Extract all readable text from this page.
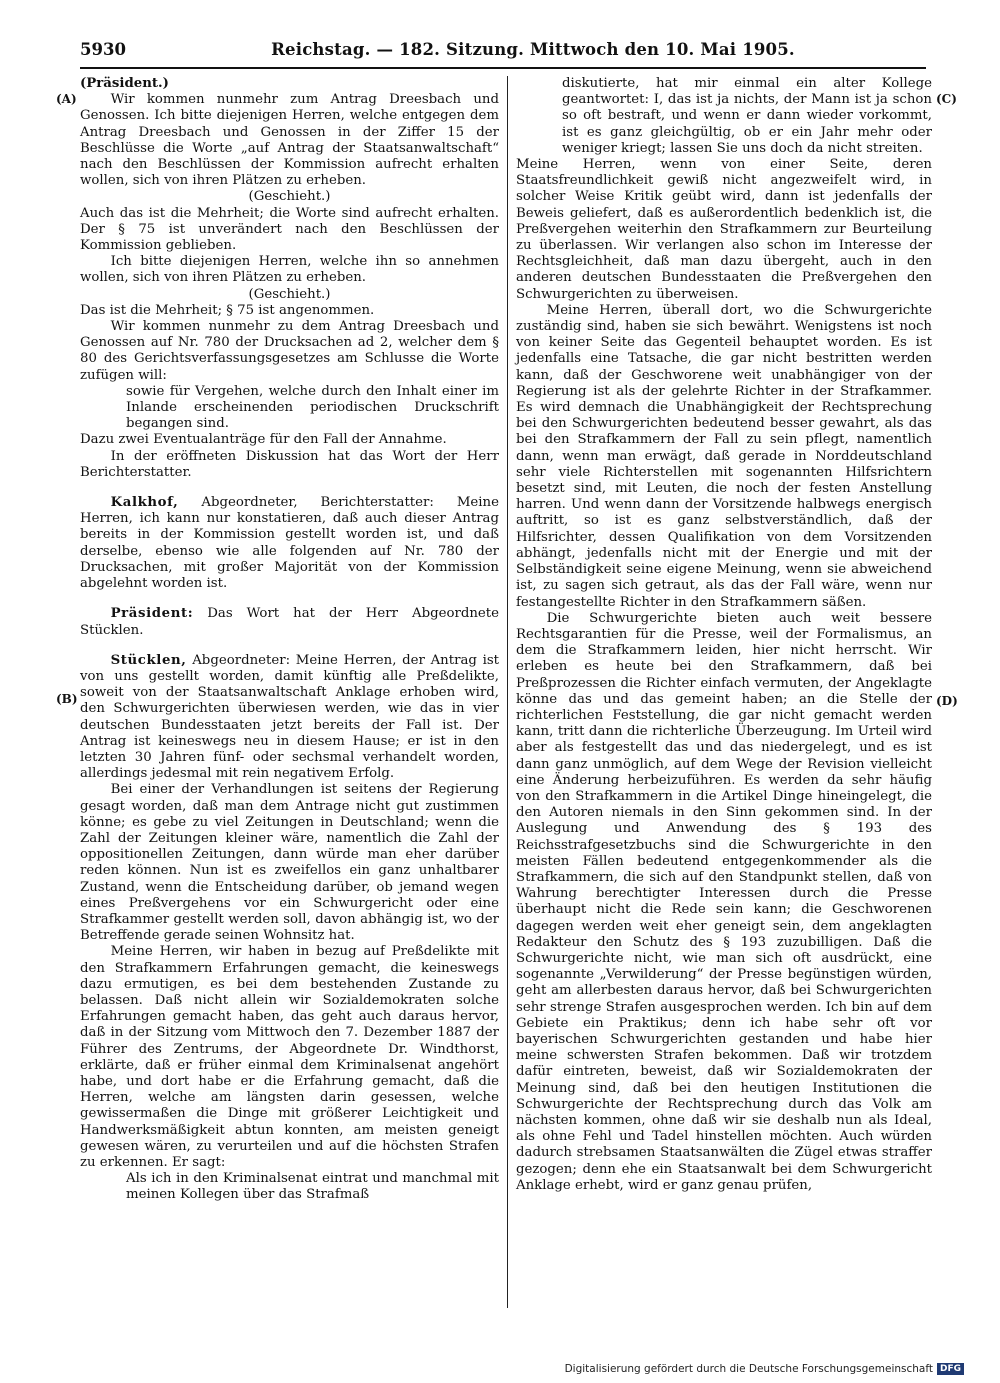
5930	Reichstag. — 182. Sitzung. Mittwoch den 10. Mai 1905.
(A)
(B)
(C)
(D)

(Präsident.)

Wir kommen nunmehr zum Antrag Dreesbach und Genossen. Ich bitte diejenigen Herren, welche entgegen dem Antrag Dreesbach und Genossen in der Ziffer 15 der Beschlüsse die Worte „auf Antrag der Staatsanwaltschaft“ nach den Beschlüssen der Kommission aufrecht erhalten wollen, sich von ihren Plätzen zu erheben.

(Geschieht.)

Auch das ist die Mehrheit; die Worte sind aufrecht erhalten. Der § 75 ist unverändert nach den Beschlüssen der Kommission geblieben.

Ich bitte diejenigen Herren, welche ihn so annehmen wollen, sich von ihren Plätzen zu erheben.

(Geschieht.)

Das ist die Mehrheit; § 75 ist angenommen.

Wir kommen nunmehr zu dem Antrag Dreesbach und Genossen auf Nr. 780 der Drucksachen ad 2, welcher dem § 80 des Gerichtsverfassungsgesetzes am Schlusse die Worte zufügen will:

sowie für Vergehen, welche durch den Inhalt einer im Inlande erscheinenden periodischen Druckschrift begangen sind.

Dazu zwei Eventualanträge für den Fall der Annahme.

In der eröffneten Diskussion hat das Wort der Herr Berichterstatter.

Kalkhof, Abgeordneter, Berichterstatter: Meine Herren, ich kann nur konstatieren, daß auch dieser Antrag bereits in der Kommission gestellt worden ist, und daß derselbe, ebenso wie alle folgenden auf Nr. 780 der Drucksachen, mit großer Majorität von der Kommission abgelehnt worden ist.

Präsident: Das Wort hat der Herr Abgeordnete Stücklen.

Stücklen, Abgeordneter: Meine Herren, der Antrag ist von uns gestellt worden, damit künftig alle Preßdelikte, soweit von der Staatsanwaltschaft Anklage erhoben wird, den Schwurgerichten überwiesen werden, wie das in vier deutschen Bundesstaaten jetzt bereits der Fall ist. Der Antrag ist keineswegs neu in diesem Hause; er ist in den letzten 30 Jahren fünf- oder sechsmal verhandelt worden, allerdings jedesmal mit rein negativem Erfolg.

Bei einer der Verhandlungen ist seitens der Regierung gesagt worden, daß man dem Antrage nicht gut zustimmen könne; es gebe zu viel Zeitungen in Deutschland; wenn die Zahl der Zeitungen kleiner wäre, namentlich die Zahl der oppositionellen Zeitungen, dann würde man eher darüber reden können. Nun ist es zweifellos ein ganz unhaltbarer Zustand, wenn die Entscheidung darüber, ob jemand wegen eines Preßvergehens vor ein Schwurgericht oder eine Strafkammer gestellt werden soll, davon abhängig ist, wo der Betreffende gerade seinen Wohnsitz hat.

Meine Herren, wir haben in bezug auf Preßdelikte mit den Strafkammern Erfahrungen gemacht, die keineswegs dazu ermutigen, es bei dem bestehenden Zustande zu belassen. Daß nicht allein wir Sozialdemokraten solche Erfahrungen gemacht haben, das geht auch daraus hervor, daß in der Sitzung vom Mittwoch den 7. Dezember 1887 der Führer des Zentrums, der Abgeordnete Dr. Windthorst, erklärte, daß er früher einmal dem Kriminalsenat angehört habe, und dort habe er die Erfahrung gemacht, daß die Herren, welche am längsten darin gesessen, welche gewissermaßen die Dinge mit größerer Leichtigkeit und Handwerksmäßigkeit abtun konnten, am meisten geneigt gewesen wären, zu verurteilen und auf die höchsten Strafen zu erkennen. Er sagt:

Als ich in den Kriminalsenat eintrat und manchmal mit meinen Kollegen über das Strafmaß

diskutierte, hat mir einmal ein alter Kollege geantwortet: I, das ist ja nichts, der Mann ist ja schon so oft bestraft, und wenn er dann wieder vorkommt, ist es ganz gleichgültig, ob er ein Jahr mehr oder weniger kriegt; lassen Sie uns doch da nicht streiten.

Meine Herren, wenn von einer Seite, deren Staatsfreundlichkeit gewiß nicht angezweifelt wird, in solcher Weise Kritik geübt wird, dann ist jedenfalls der Beweis geliefert, daß es außerordentlich bedenklich ist, die Preßvergehen weiterhin den Strafkammern zur Beurteilung zu überlassen. Wir verlangen also schon im Interesse der Rechtsgleichheit, daß man dazu übergeht, auch in den anderen deutschen Bundesstaaten die Preßvergehen den Schwurgerichten zu überweisen.

Meine Herren, überall dort, wo die Schwurgerichte zuständig sind, haben sie sich bewährt. Wenigstens ist noch von keiner Seite das Gegenteil behauptet worden. Es ist jedenfalls eine Tatsache, die gar nicht bestritten werden kann, daß der Geschworene weit unabhängiger von der Regierung ist als der gelehrte Richter in der Strafkammer. Es wird demnach die Unabhängigkeit der Rechtsprechung bei den Schwurgerichten bedeutend besser gewahrt, als das bei den Strafkammern der Fall zu sein pflegt, namentlich dann, wenn man erwägt, daß gerade in Norddeutschland sehr viele Richterstellen mit sogenannten Hilfsrichtern besetzt sind, mit Leuten, die noch der festen Anstellung harren. Und wenn dann der Vorsitzende halbwegs energisch auftritt, so ist es ganz selbstverständlich, daß der Hilfsrichter, dessen Qualifikation von dem Vorsitzenden abhängt, jedenfalls nicht mit der Energie und mit der Selbständigkeit seine eigene Meinung, wenn sie abweichend ist, zu sagen sich getraut, als das der Fall wäre, wenn nur festangestellte Richter in den Strafkammern säßen.

Die Schwurgerichte bieten auch weit bessere Rechtsgarantien für die Presse, weil der Formalismus, an dem die Strafkammern leiden, hier nicht herrscht. Wir erleben es heute bei den Strafkammern, daß bei Preßprozessen die Richter einfach vermuten, der Angeklagte könne das und das gemeint haben; an die Stelle der richterlichen Feststellung, die gar nicht gemacht werden kann, tritt dann die richterliche Überzeugung. Im Urteil wird aber als festgestellt das und das niedergelegt, und es ist dann ganz unmöglich, auf dem Wege der Revision vielleicht eine Änderung herbeizuführen. Es werden da sehr häufig von den Strafkammern in die Artikel Dinge hineingelegt, die den Autoren niemals in den Sinn gekommen sind. In der Auslegung und Anwendung des § 193 des Reichsstrafgesetzbuchs sind die Schwurgerichte in den meisten Fällen bedeutend entgegenkommender als die Strafkammern, die sich auf den Standpunkt stellen, daß von Wahrung berechtigter Interessen durch die Presse überhaupt nicht die Rede sein kann; die Geschworenen dagegen werden weit eher geneigt sein, dem angeklagten Redakteur den Schutz des § 193 zuzubilligen. Daß die Schwurgerichte nicht, wie man sich oft ausdrückt, eine sogenannte „Verwilderung“ der Presse begünstigen würden, geht am allerbesten daraus hervor, daß bei Schwurgerichten sehr strenge Strafen ausgesprochen werden. Ich bin auf dem Gebiete ein Praktikus; denn ich habe sehr oft vor bayerischen Schwurgerichten gestanden und habe hier meine schwersten Strafen bekommen. Daß wir trotzdem dafür eintreten, beweist, daß wir Sozialdemokraten der Meinung sind, daß bei den heutigen Institutionen die Schwurgerichte der Rechtsprechung durch das Volk am nächsten kommen, ohne daß wir sie deshalb nun als Ideal, als ohne Fehl und Tadel hinstellen möchten. Auch würden dadurch strebsamen Staatsanwälten die Zügel etwas straffer gezogen; denn ehe ein Staatsanwalt bei dem Schwurgericht Anklage erhebt, wird er ganz genau prüfen,

Digitalisierung gefördert durch die Deutsche Forschungsgemeinschaft DFG
